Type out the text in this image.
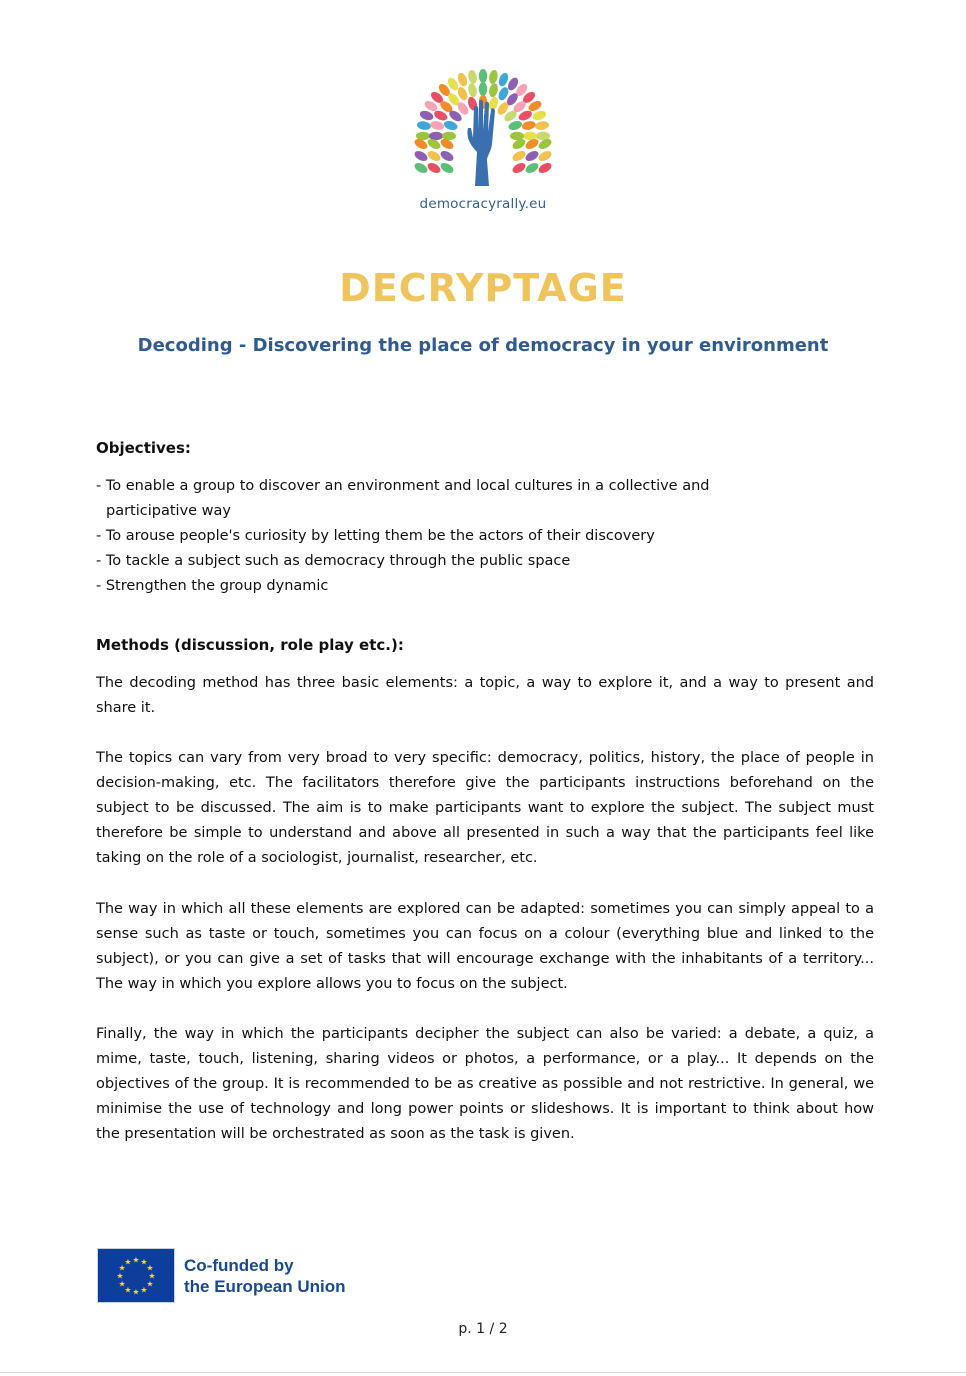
democracyrally.eu
DECRYPTAGE
Decoding - Discovering the place of democracy in your environment
Objectives:
- To enable a group to discover an environment and local cultures in a collective and participative way
- To arouse people's curiosity by letting them be the actors of their discovery
- To tackle a subject such as democracy through the public space
- Strengthen the group dynamic
Methods (discussion, role play etc.):

The decoding method has three basic elements: a topic, a way to explore it, and a way to present and share it.

The topics can vary from very broad to very specific: democracy, politics, history, the place of people in decision-making, etc. The facilitators therefore give the participants instructions beforehand on the subject to be discussed. The aim is to make participants want to explore the subject. The subject must therefore be simple to understand and above all presented in such a way that the participants feel like taking on the role of a sociologist, journalist, researcher, etc.

The way in which all these elements are explored can be adapted: sometimes you can simply appeal to a sense such as taste or touch, sometimes you can focus on a colour (everything blue and linked to the subject), or you can give a set of tasks that will encourage exchange with the inhabitants of a territory... The way in which you explore allows you to focus on the subject.

Finally, the way in which the participants decipher the subject can also be varied: a debate, a quiz, a mime, taste, touch, listening, sharing videos or photos, a performance, or a play... It depends on the objectives of the group. It is recommended to be as creative as possible and not restrictive. In general, we minimise the use of technology and long power points or slideshows. It is important to think about how the presentation will be orchestrated as soon as the task is given.

★ ★
★
★
★
★
★
★
★
★
★
★	Co-funded by
the European Union
p. 1 / 2
